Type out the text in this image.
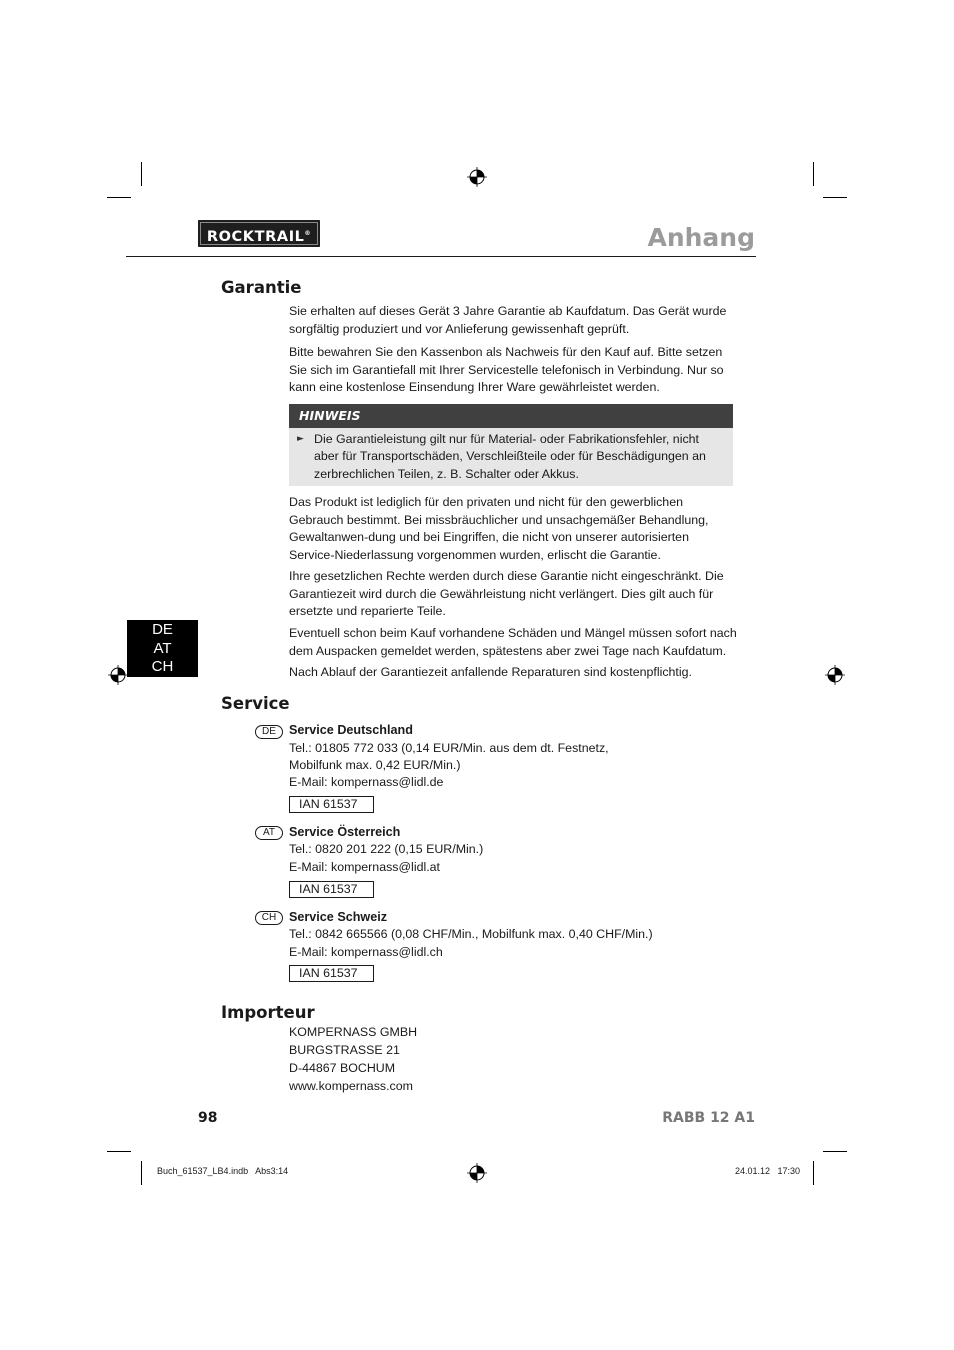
ROCKTRAIL®	Anhang
Garantie

Sie erhalten auf dieses Gerät 3 Jahre Garantie ab Kaufdatum. Das Gerät wurde sorgfältig produziert und vor Anlieferung gewissenhaft geprüft.

Bitte bewahren Sie den Kassenbon als Nachweis für den Kauf auf. Bitte setzen Sie sich im Garantiefall mit Ihrer Servicestelle telefonisch in Verbindung. Nur so kann eine kostenlose Einsendung Ihrer Ware gewährleistet werden.

HINWEIS
► Die Garantieleistung gilt nur für Material- oder Fabrikationsfehler, nicht aber für Transportschäden, Verschleißteile oder für Beschädigungen an zerbrechlichen Teilen, z. B. Schalter oder Akkus.

Das Produkt ist lediglich für den privaten und nicht für den gewerblichen Gebrauch bestimmt. Bei missbräuchlicher und unsachgemäßer Behandlung, Gewaltanwen-dung und bei Eingriffen, die nicht von unserer autorisierten Service-Niederlassung vorgenommen wurden, erlischt die Garantie.

Ihre gesetzlichen Rechte werden durch diese Garantie nicht eingeschränkt. Die Garantiezeit wird durch die Gewährleistung nicht verlängert. Dies gilt auch für ersetzte und reparierte Teile.

Eventuell schon beim Kauf vorhandene Schäden und Mängel müssen sofort nach dem Auspacken gemeldet werden, spätestens aber zwei Tage nach Kaufdatum.

Nach Ablauf der Garantiezeit anfallende Reparaturen sind kostenpflichtig.

DE
AT
CH
Service
DE	Service Deutschland
Tel.: 01805 772 033 (0,14 EUR/Min. aus dem dt. Festnetz,
Mobilfunk max. 0,42 EUR/Min.)
E-Mail: kompernass@lidl.de
IAN 61537
AT	Service Österreich
Tel.: 0820 201 222 (0,15 EUR/Min.)
E-Mail: kompernass@lidl.at
IAN 61537
CH	Service Schweiz
Tel.: 0842 665566 (0,08 CHF/Min., Mobilfunk max. 0,40 CHF/Min.)
E-Mail: kompernass@lidl.ch
IAN 61537
Importeur
KOMPERNASS GMBH
BURGSTRASSE 21
D-44867 BOCHUM
www.kompernass.com
98	RABB 12 A1
Buch_61537_LB4.indb   Abs3:14	24.01.12   17:30
